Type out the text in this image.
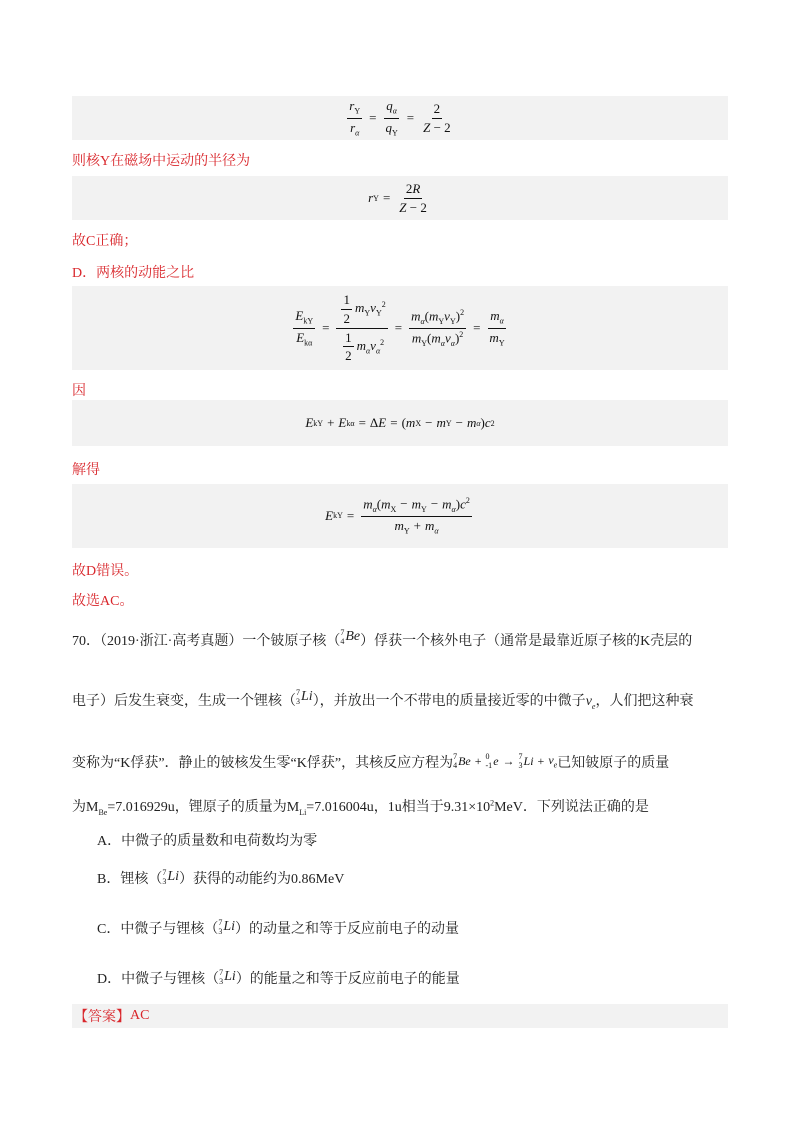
$\frac{r_Y}{r_\alpha} = \frac{q_\alpha}{q_Y} = \frac{2}{Z - 2}$
则核Y在磁场中运动的半径为
r $Y = \frac{2R}{Z - 2}$
故C正确；
D．两核的动能之比
$\frac{E_{kY}}{E_{k\alpha}} = \frac{\frac{1}{2} m_Yv_Y^2}{\frac{1}{2} m_\alpha v_\alpha^2} = \frac{m_\alpha(m_Yv_Y)^2}{m_Y(m_\alpha v_\alpha)^2} = \frac{m_\alpha}{m_Y}$
因
E kY + E kα = Δ E = ( m X − m Y − m α ) c 2
解得
E kY = $\frac{m_\alpha(m_X - m_Y - m_\alpha)c^2}{m_Y + m_\alpha}$
故D错误。
故选AC。
70．（2019·浙江·高考真题）一个铍原子核（
7
4 Be ）俘获一个核外电子（通常是最靠近原子核的K壳层的
电子）后发生衰变，生成一个锂核（
7
3 Li ），并放出一个不带电的质量接近零的中微子$v_e$，人们把这种衰
变称为“K俘获”．静止的铍核发生零“K俘获”，其核反应方程为 7
4 Be + 0
-1 e → 7
3 $Li + v_e$ 已知铍原子的质量
为$M_{Be}=7.016929u$，锂原子的质量为$M_{Li}=7.016004u$，1u相当于$9.31\times 10^2MeV$．下列说法正确的是
A．中微子的质量数和电荷数均为零
B．锂核（ 7
3 Li ）获得的动能约为0.86MeV
C．中微子与锂核（ 7
3 Li ）的动量之和等于反应前电子的动量
D．中微子与锂核（ 7
3 Li ）的能量之和等于反应前电子的能量
【答案】 AC
